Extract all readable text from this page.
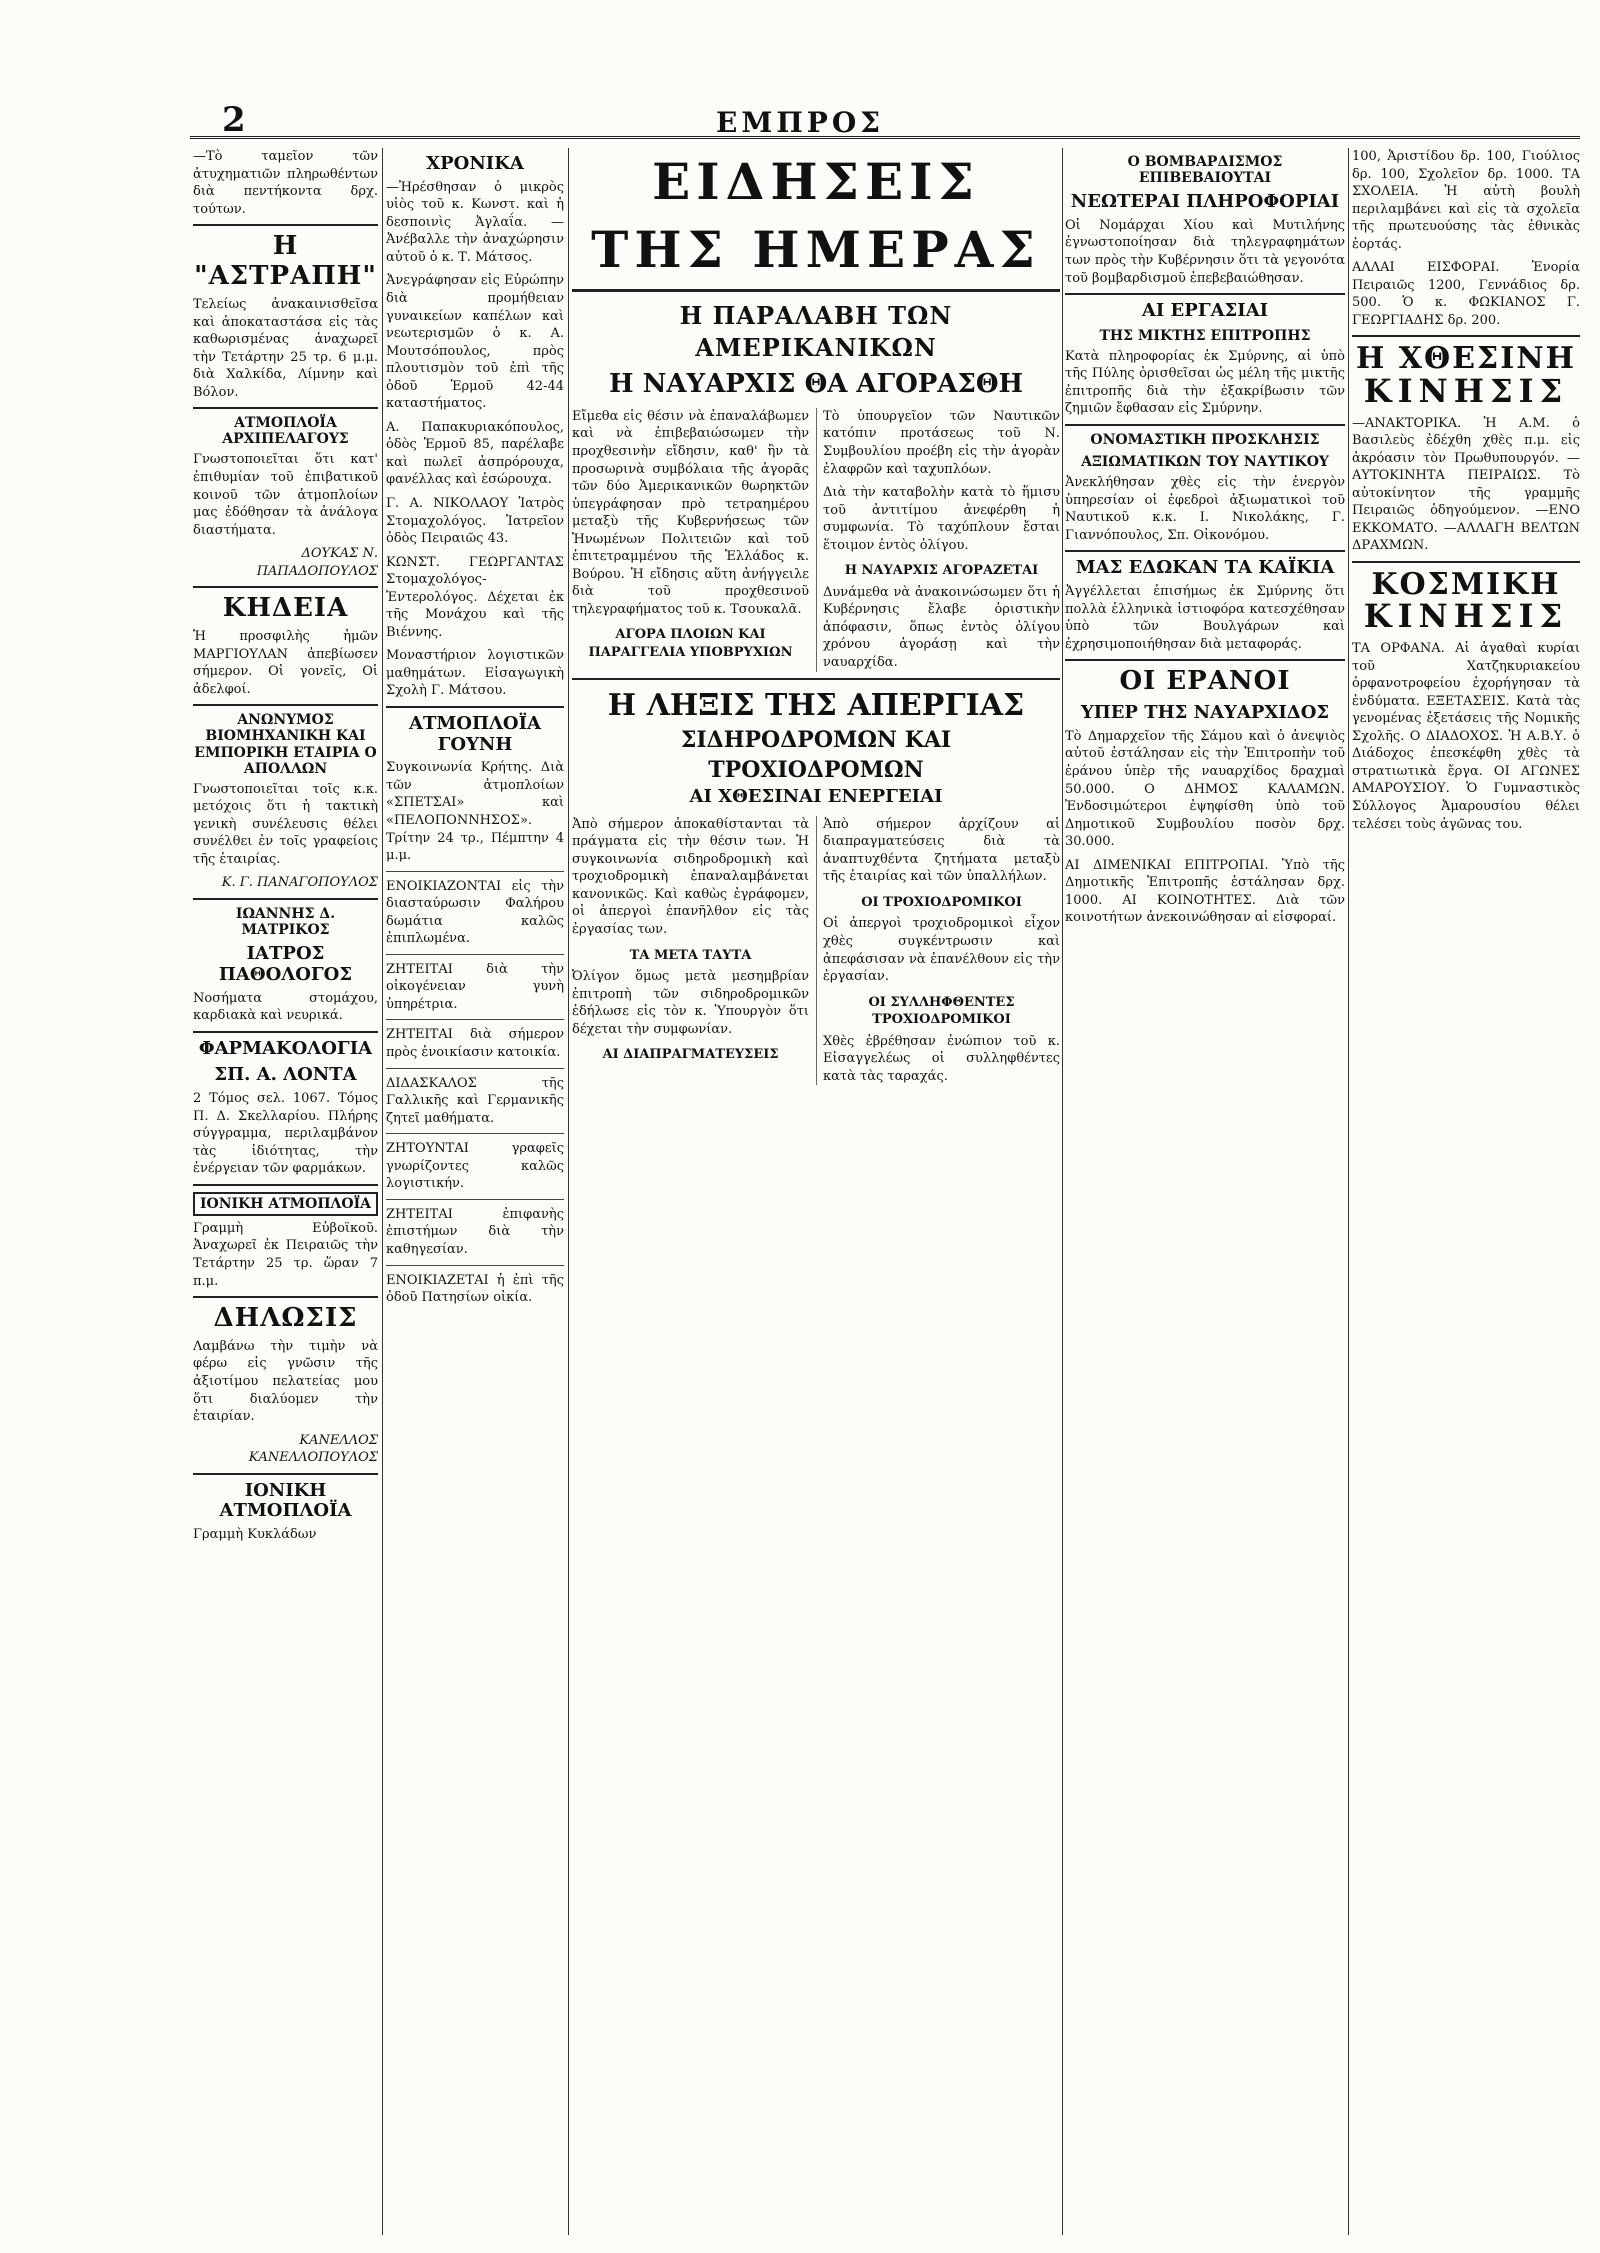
2	ΕΜΠΡΟΣ

—Τὸ ταμεῖον τῶν ἀτυχηματιῶν πληρωθέντων διὰ πεντήκοντα δρχ. τούτων.

Η "ΑΣΤΡΑΠΗ"

Τελείως ἀνακαινισθεῖσα καὶ ἀποκαταστάσα εἰς τὰς καθωρισμένας ἀναχωρεῖ τὴν Τετάρτην 25 τρ. 6 μ.μ. διὰ Χαλκίδα, Λίμνην καὶ Βόλον.

ΑΤΜΟΠΛΟΪΑ ΑΡΧΙΠΕΛΑΓΟΥΣ

Γνωστοποιεῖται ὅτι κατ' ἐπιθυμίαν τοῦ ἐπιβατικοῦ κοινοῦ τῶν ἀτμοπλοίων μας ἐδόθησαν τὰ ἀνάλογα διαστήματα.

ΔΟΥΚΑΣ Ν. ΠΑΠΑΔΟΠΟΥΛΟΣ

ΚΗΔΕΙΑ

Ἡ προσφιλὴς ἡμῶν ΜΑΡΓΙΟΥΛΑΝ ἀπεβίωσεν σήμερον. Οἱ γονεῖς, Οἱ ἀδελφοί.

ΑΝΩΝΥΜΟΣ ΒΙΟΜΗΧΑΝΙΚΗ ΚΑΙ ΕΜΠΟΡΙΚΗ ΕΤΑΙΡΙΑ Ο ΑΠΟΛΛΩΝ

Γνωστοποιεῖται τοῖς κ.κ. μετόχοις ὅτι ἡ τακτικὴ γενικὴ συνέλευσις θέλει συνέλθει ἐν τοῖς γραφείοις τῆς ἑταιρίας.

Κ. Γ. ΠΑΝΑΓΟΠΟΥΛΟΣ

ΙΩΑΝΝΗΣ Δ. ΜΑΤΡΙΚΟΣ
ΙΑΤΡΟΣ ΠΑΘΟΛΟΓΟΣ

Νοσήματα στομάχου, καρδιακὰ καὶ νευρικά.

ΦΑΡΜΑΚΟΛΟΓΙΑ
ΣΠ. Α. ΛΟΝΤΑ

2 Τόμος σελ. 1067. Τόμος Π. Δ. Σκελλαρίου. Πλήρης σύγγραμμα, περιλαμβάνον τὰς ἰδιότητας, τὴν ἐνέργειαν τῶν φαρμάκων.

ΙΟΝΙΚΗ ΑΤΜΟΠΛΟΪΑ

Γραμμὴ Εὐβοϊκοῦ. Ἀναχωρεῖ ἐκ Πειραιῶς τὴν Τετάρτην 25 τρ. ὥραν 7 π.μ.

ΔΗΛΩΣΙΣ

Λαμβάνω τὴν τιμὴν νὰ φέρω εἰς γνῶσιν τῆς ἀξιοτίμου πελατείας μου ὅτι διαλύομεν τὴν ἑταιρίαν.

ΚΑΝΕΛΛΟΣ ΚΑΝΕΛΛΟΠΟΥΛΟΣ

ΙΟΝΙΚΗ ΑΤΜΟΠΛΟΪΑ

Γραμμὴ Κυκλάδων

ΧΡΟΝΙΚΑ

—Ἠρέσθησαν ὁ μικρὸς υἱὸς τοῦ κ. Κωνστ. καὶ ἡ δεσποινὶς Ἀγλαΐα. —Ἀνέβαλλε τὴν ἀναχώρησιν αὐτοῦ ὁ κ. Τ. Μάτσος.

Ἀνεγράφησαν εἰς Εὐρώπην διὰ προμήθειαν γυναικείων καπέλων καὶ νεωτερισμῶν ὁ κ. Α. Μουτσόπουλος, πρὸς πλουτισμὸν τοῦ ἐπὶ τῆς ὁδοῦ Ἑρμοῦ 42-44 καταστήματος.

Α. Παπακυριακόπουλος, ὁδὸς Ἑρμοῦ 85, παρέλαβε καὶ πωλεῖ ἀσπρόρουχα, φανέλλας καὶ ἑσώρουχα.

Γ. Α. ΝΙΚΟΛΑΟΥ Ἰατρὸς Στομαχολόγος. Ἰατρεῖον ὁδὸς Πειραιῶς 43.

ΚΩΝΣΤ. ΓΕΩΡΓΑΝΤΑΣ Στομαχολόγος-Ἐντερολόγος. Δέχεται ἐκ τῆς Μονάχου καὶ τῆς Βιέννης.

Μοναστήριον λογιστικῶν μαθημάτων. Εἰσαγωγικὴ Σχολὴ Γ. Μάτσου.

ΑΤΜΟΠΛΟΪΑ ΓΟΥΝΗ

Συγκοινωνία Κρήτης. Διὰ τῶν ἀτμοπλοίων «ΣΠΕΤΣΑΙ» καὶ «ΠΕΛΟΠΟΝΝΗΣΟΣ». Τρίτην 24 τρ., Πέμπτην 4 μ.μ.

ΕΝΟΙΚΙΑΖΟΝΤΑΙ εἰς τὴν διασταύρωσιν Φαλήρου δωμάτια καλῶς ἐπιπλωμένα.

ΖΗΤΕΙΤΑΙ διὰ τὴν οἰκογένειαν γυνὴ ὑπηρέτρια.

ΖΗΤΕΙΤΑΙ διὰ σήμερον πρὸς ἐνοικίασιν κατοικία.

ΔΙΔΑΣΚΑΛΟΣ τῆς Γαλλικῆς καὶ Γερμανικῆς ζητεῖ μαθήματα.

ΖΗΤΟΥΝΤΑΙ γραφεῖς γνωρίζοντες καλῶς λογιστικήν.

ΖΗΤΕΙΤΑΙ ἐπιφανὴς ἐπιστήμων διὰ τὴν καθηγεσίαν.

ΕΝΟΙΚΙΑΖΕΤΑΙ ἡ ἐπὶ τῆς ὁδοῦ Πατησίων οἰκία.

ΕΙΔΗΣΕΙΣ ΤΗΣ ΗΜΕΡΑΣ
Η ΠΑΡΑΛΑΒΗ ΤΩΝ ΑΜΕΡΙΚΑΝΙΚΩΝ
Η ΝΑΥΑΡΧΙΣ ΘΑ ΑΓΟΡΑΣΘΗ

Εἴμεθα εἰς θέσιν νὰ ἐπαναλάβωμεν καὶ νὰ ἐπιβεβαιώσωμεν τὴν προχθεσινὴν εἴδησιν, καθ' ἣν τὰ προσωρινὰ συμβόλαια τῆς ἀγορᾶς τῶν δύο Ἀμερικανικῶν θωρηκτῶν ὑπεγράφησαν πρὸ τετραημέρου μεταξὺ τῆς Κυβερνήσεως τῶν Ἡνωμένων Πολιτειῶν καὶ τοῦ ἐπιτετραμμένου τῆς Ἑλλάδος κ. Βούρου. Ἡ εἴδησις αὕτη ἀνήγγειλε διὰ τοῦ προχθεσινοῦ τηλεγραφήματος τοῦ κ. Τσουκαλᾶ.

ΑΓΟΡΑ ΠΛΟΙΩΝ ΚΑΙ ΠΑΡΑΓΓΕΛΙΑ ΥΠΟΒΡΥΧΙΩΝ

Τὸ ὑπουργεῖον τῶν Ναυτικῶν κατόπιν προτάσεως τοῦ Ν. Συμβουλίου προέβη εἰς τὴν ἀγορὰν ἐλαφρῶν καὶ ταχυπλόων.

Διὰ τὴν καταβολὴν κατὰ τὸ ἥμισυ τοῦ ἀντιτίμου ἀνεφέρθη ἡ συμφωνία. Τὸ ταχύπλουν ἔσται ἕτοιμον ἐντὸς ὀλίγου.

Η ΝΑΥΑΡΧΙΣ ΑΓΟΡΑΖΕΤΑΙ

Δυνάμεθα νὰ ἀνακοινώσωμεν ὅτι ἡ Κυβέρνησις ἔλαβε ὁριστικὴν ἀπόφασιν, ὅπως ἐντὸς ὀλίγου χρόνου ἀγοράσῃ καὶ τὴν ναυαρχίδα.

Η ΛΗΞΙΣ ΤΗΣ ΑΠΕΡΓΙΑΣ
ΣΙΔΗΡΟΔΡΟΜΩΝ ΚΑΙ ΤΡΟΧΙΟΔΡΟΜΩΝ
ΑΙ ΧΘΕΣΙΝΑΙ ΕΝΕΡΓΕΙΑΙ

Ἀπὸ σήμερον ἀποκαθίστανται τὰ πράγματα εἰς τὴν θέσιν των. Ἡ συγκοινωνία σιδηροδρομικὴ καὶ τροχιοδρομικὴ ἐπαναλαμβάνεται κανονικῶς. Καὶ καθὼς ἐγράφομεν, οἱ ἀπεργοὶ ἐπανῆλθον εἰς τὰς ἐργασίας των.

ΤΑ ΜΕΤΑ ΤΑΥΤΑ

Ὀλίγον ὅμως μετὰ μεσημβρίαν ἐπιτροπὴ τῶν σιδηροδρομικῶν ἐδήλωσε εἰς τὸν κ. Ὑπουργὸν ὅτι δέχεται τὴν συμφωνίαν.

ΑΙ ΔΙΑΠΡΑΓΜΑΤΕΥΣΕΙΣ

Ἀπὸ σήμερον ἀρχίζουν αἱ διαπραγματεύσεις διὰ τὰ ἀναπτυχθέντα ζητήματα μεταξὺ τῆς ἑταιρίας καὶ τῶν ὑπαλλήλων.

ΟΙ ΤΡΟΧΙΟΔΡΟΜΙΚΟΙ

Οἱ ἀπεργοὶ τροχιοδρομικοὶ εἶχον χθὲς συγκέντρωσιν καὶ ἀπεφάσισαν νὰ ἐπανέλθουν εἰς τὴν ἐργασίαν.

ΟΙ ΣΥΛΛΗΦΘΕΝΤΕΣ ΤΡΟΧΙΟΔΡΟΜΙΚΟΙ

Χθὲς ἐβρέθησαν ἐνώπιον τοῦ κ. Εἰσαγγελέως οἱ συλληφθέντες κατὰ τὰς ταραχάς.

Ο ΒΟΜΒΑΡΔΙΣΜΟΣ ΕΠΙΒΕΒΑΙΟΥΤΑΙ
ΝΕΩΤΕΡΑΙ ΠΛΗΡΟΦΟΡΙΑΙ

Οἱ Νομάρχαι Χίου καὶ Μυτιλήνης ἐγνωστοποίησαν διὰ τηλεγραφημάτων των πρὸς τὴν Κυβέρνησιν ὅτι τὰ γεγονότα τοῦ βομβαρδισμοῦ ἐπεβεβαιώθησαν.

ΑΙ ΕΡΓΑΣΙΑΙ
ΤΗΣ ΜΙΚΤΗΣ ΕΠΙΤΡΟΠΗΣ

Κατὰ πληροφορίας ἐκ Σμύρνης, αἱ ὑπὸ τῆς Πύλης ὁρισθεῖσαι ὡς μέλη τῆς μικτῆς ἐπιτροπῆς διὰ τὴν ἐξακρίβωσιν τῶν ζημιῶν ἔφθασαν εἰς Σμύρνην.

ΟΝΟΜΑΣΤΙΚΗ ΠΡΟΣΚΛΗΣΙΣ
ΑΞΙΩΜΑΤΙΚΩΝ ΤΟΥ ΝΑΥΤΙΚΟΥ

Ἀνεκλήθησαν χθὲς εἰς τὴν ἐνεργὸν ὑπηρεσίαν οἱ ἐφεδροὶ ἀξιωματικοὶ τοῦ Ναυτικοῦ κ.κ. Ι. Νικολάκης, Γ. Γιαννόπουλος, Σπ. Οἰκονόμου.

ΜΑΣ ΕΔΩΚΑΝ ΤΑ ΚΑΪΚΙΑ

Ἀγγέλλεται ἐπισήμως ἐκ Σμύρνης ὅτι πολλὰ ἐλληνικὰ ἱστιοφόρα κατεσχέθησαν ὑπὸ τῶν Βουλγάρων καὶ ἐχρησιμοποιήθησαν διὰ μεταφοράς.

ΟΙ ΕΡΑΝΟΙ
ΥΠΕΡ ΤΗΣ ΝΑΥΑΡΧΙΔΟΣ

Τὸ Δημαρχεῖον τῆς Σάμου καὶ ὁ ἀνεψιὸς αὐτοῦ ἐστάλησαν εἰς τὴν Ἐπιτροπὴν τοῦ ἐράνου ὑπὲρ τῆς ναυαρχίδος δραχμαὶ 50.000. Ο ΔΗΜΟΣ ΚΑΛΑΜΩΝ. Ἐνδοσιμώτεροι ἐψηφίσθη ὑπὸ τοῦ Δημοτικοῦ Συμβουλίου ποσὸν δρχ. 30.000.

ΑΙ ΔΙΜΕΝΙΚΑΙ ΕΠΙΤΡΟΠΑΙ. Ὑπὸ τῆς Δημοτικῆς Ἐπιτροπῆς ἐστάλησαν δρχ. 1000. ΑΙ ΚΟΙΝΟΤΗΤΕΣ. Διὰ τῶν κοινοτήτων ἀνεκοινώθησαν αἱ εἰσφοραί.

100, Ἀριστίδου δρ. 100, Γιούλιος δρ. 100, Σχολεῖον δρ. 1000. ΤΑ ΣΧΟΛΕΙΑ. Ἡ αὐτὴ βουλὴ περιλαμβάνει καὶ εἰς τὰ σχολεῖα τῆς πρωτευούσης τὰς ἐθνικὰς ἐορτάς.

ΑΛΛΑΙ ΕΙΣΦΟΡΑΙ. Ἑνορία Πειραιῶς 1200, Γεννάδιος δρ. 500. Ὁ κ. ΦΩΚΙΑΝΟΣ Γ. ΓΕΩΡΓΙΑΔΗΣ δρ. 200.

Η ΧΘΕΣΙΝΗ
ΚΙΝΗΣΙΣ

—ΑΝΑΚΤΟΡΙΚΑ. Ἡ Α.Μ. ὁ Βασιλεὺς ἐδέχθη χθὲς π.μ. εἰς ἀκρόασιν τὸν Πρωθυπουργόν. —ΑΥΤΟΚΙΝΗΤΑ ΠΕΙΡΑΙΩΣ. Τὸ αὐτοκίνητον τῆς γραμμῆς Πειραιῶς ὁδηγούμενον. —ΕΝΟ ΕΚΚΟΜΑΤΟ. —ΑΛΛΑΓΗ ΒΕΛΤΩΝ ΔΡΑΧΜΩΝ.

ΚΟΣΜΙΚΗ
ΚΙΝΗΣΙΣ

ΤΑ ΟΡΦΑΝΑ. Αἱ ἀγαθαὶ κυρίαι τοῦ Χατζηκυριακείου ὀρφανοτροφείου ἐχορήγησαν τὰ ἐνδύματα. ΕΞΕΤΑΣΕΙΣ. Κατὰ τὰς γενομένας ἐξετάσεις τῆς Νομικῆς Σχολῆς. Ο ΔΙΑΔΟΧΟΣ. Ἡ Α.Β.Υ. ὁ Διάδοχος ἐπεσκέφθη χθὲς τὰ στρατιωτικὰ ἔργα. ΟΙ ΑΓΩΝΕΣ ΑΜΑΡΟΥΣΙΟΥ. Ὁ Γυμναστικὸς Σύλλογος Ἀμαρουσίου θέλει τελέσει τοὺς ἀγῶνας του.
